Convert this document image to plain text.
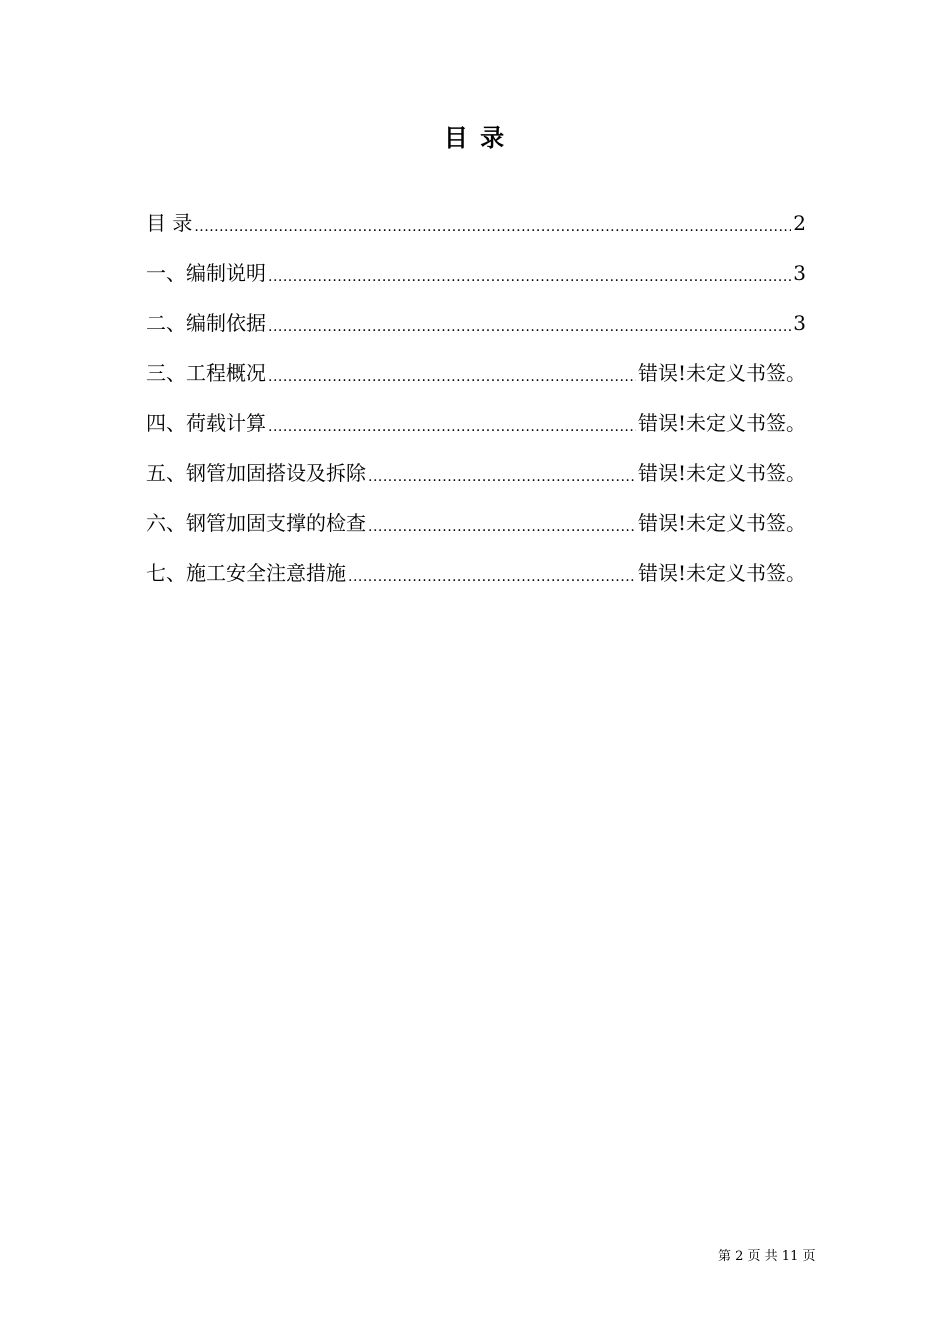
目 录
目 录 .....	2
一、编制说明 .....	3
二、编制依据 .....	3
三、工程概况 .....	错误!未定义书签。
四、荷载计算 .....	错误!未定义书签。
五、钢管加固搭设及拆除 .....	错误!未定义书签。
六、钢管加固支撑的检查 .....	错误!未定义书签。
七、施工安全注意措施 .....	错误!未定义书签。
第 2 页 共 11 页
